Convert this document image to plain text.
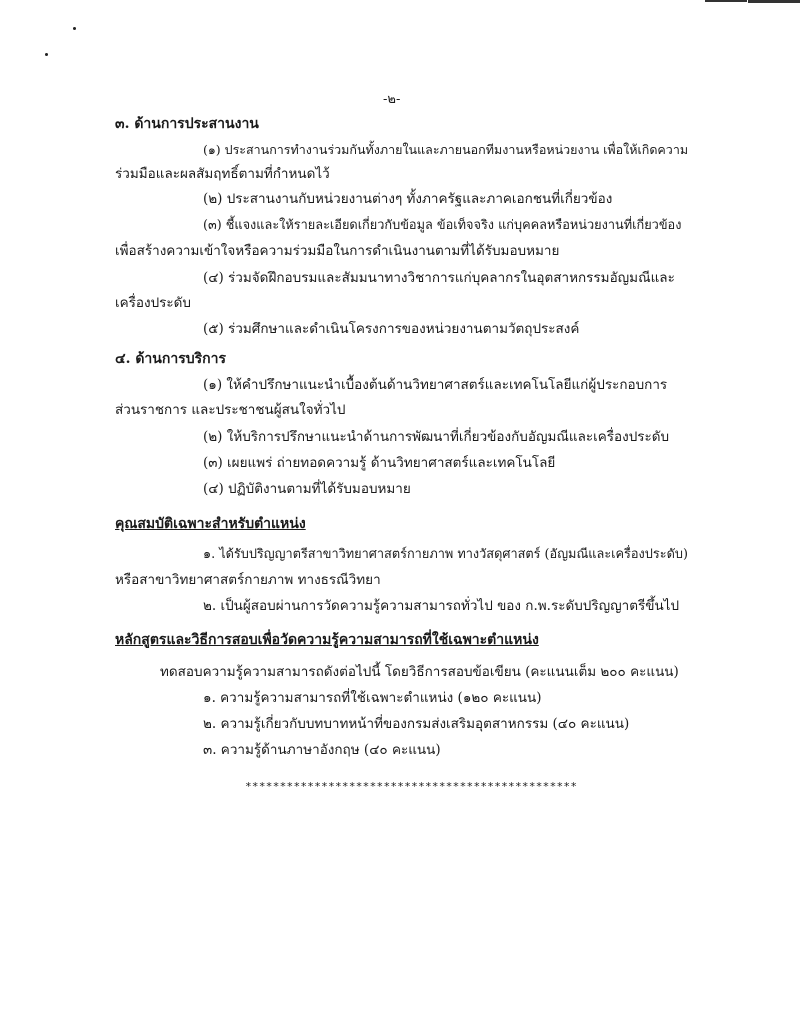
-๒-
๓. ด้านการประสานงาน
(๑) ประสานการทำงานร่วมกันทั้งภายในและภายนอกทีมงานหรือหน่วยงาน เพื่อให้เกิดความ
ร่วมมือและผลสัมฤทธิ์ตามที่กำหนดไว้
(๒) ประสานงานกับหน่วยงานต่างๆ ทั้งภาครัฐและภาคเอกชนที่เกี่ยวข้อง
(๓) ชี้แจงและให้รายละเอียดเกี่ยวกับข้อมูล ข้อเท็จจริง แก่บุคคลหรือหน่วยงานที่เกี่ยวข้อง
เพื่อสร้างความเข้าใจหรือความร่วมมือในการดำเนินงานตามที่ได้รับมอบหมาย
(๔) ร่วมจัดฝึกอบรมและสัมมนาทางวิชาการแก่บุคลากรในอุตสาหกรรมอัญมณีและ
เครื่องประดับ
(๕) ร่วมศึกษาและดำเนินโครงการของหน่วยงานตามวัตถุประสงค์
๔. ด้านการบริการ
(๑) ให้คำปรึกษาแนะนำเบื้องต้นด้านวิทยาศาสตร์และเทคโนโลยีแก่ผู้ประกอบการ
ส่วนราชการ และประชาชนผู้สนใจทั่วไป
(๒) ให้บริการปรึกษาแนะนำด้านการพัฒนาที่เกี่ยวข้องกับอัญมณีและเครื่องประดับ
(๓) เผยแพร่ ถ่ายทอดความรู้ ด้านวิทยาศาสตร์และเทคโนโลยี
(๔) ปฏิบัติงานตามที่ได้รับมอบหมาย
คุณสมบัติเฉพาะสำหรับตำแหน่ง
๑. ได้รับปริญญาตรีสาขาวิทยาศาสตร์กายภาพ ทางวัสดุศาสตร์ (อัญมณีและเครื่องประดับ)
หรือสาขาวิทยาศาสตร์กายภาพ ทางธรณีวิทยา
๒. เป็นผู้สอบผ่านการวัดความรู้ความสามารถทั่วไป ของ ก.พ.ระดับปริญญาตรีขึ้นไป
หลักสูตรและวิธีการสอบเพื่อวัดความรู้ความสามารถที่ใช้เฉพาะตำแหน่ง
ทดสอบความรู้ความสามารถดังต่อไปนี้ โดยวิธีการสอบข้อเขียน (คะแนนเต็ม ๒๐๐ คะแนน)
๑. ความรู้ความสามารถที่ใช้เฉพาะตำแหน่ง (๑๒๐ คะแนน)
๒. ความรู้เกี่ยวกับบทบาทหน้าที่ของกรมส่งเสริมอุตสาหกรรม (๔๐ คะแนน)
๓. ความรู้ด้านภาษาอังกฤษ (๔๐ คะแนน)
************************************************
